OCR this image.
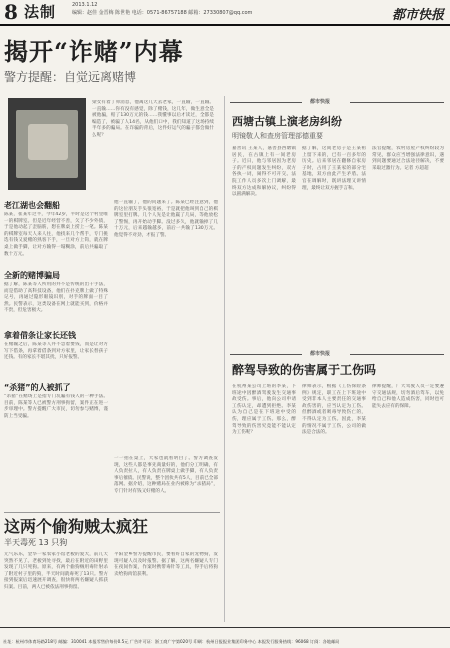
8 法制	2013.1.12
编辑：赵佳 金晋梅 陈世艳 电话：0571-86757188 邮箱：27330807@qq.com	都市快报
揭开“诈赌”内幕
警方提醒：自觉远离赌博
梁女有着丁卯消息，他离这几天去老家，一直输，一直输。一直输……你有没有感觉，除了赌钱，这几年，做生意全是被他骗，赔了130万元的钱……我懂事以后才读过，全都是编造了，被骗了人14名，从他们口中，我们知道了这场持续半年多的骗局。在诈骗的背后，这件好运气的骗子都会做什么呢？
老江湖也会翻船
陈某，崔某年过半，今年42岁，平时是这个村里唯一的棋牌室。但是近年经营不善，欠了不少外债，于是他动起了歪脑筋，想在牌桌上捞上一笔。陈某的棋牌室每天人来人往，他找来几个帮手，专门挑选有钱又爱赌的熟客下手，一旦对方上钩，就在牌桌上做手脚，让对方输得一塌糊涂，前后共骗取了数十万元。
全新的赌博骗局
据了解，陈某等人所用的并不是传统的出千手法，而是借助了高科技设备，他们在扑克牌上做了特殊记号，再通过隐形眼镜识别，对手的牌面一目了然。民警表示，这类设备在网上就能买到，价格并不贵，但危害极大。
拿着借条让家长还钱
在赌输之后，陈某等人并不急着要钱，而是让对方写下借条，再拿着借条到对方家里，让家长替孩子还钱。有的家长不堪其扰，只好报警。
“杀猪”的人被抓了
“杀猪”在赌场上是指专门坑骗有钱人的一种手法。目前，陈某等人已被警方刑事拘留，案件正在进一步审理中。警方提醒广大市民，切勿参与赌博，谨防上当受骗。
他一直输了，他的问题来了。陈某已经注意到，他的这位朋友手头很宽裕，于是就把他叫到自己的棋牌室里打牌。几个人先是让他赢了几局，等他放松了警惕，再开始动手脚。没过多久，他就输掉了几十万元，后来越输越多，前后一共输了130万元。他觉得不对劲，才报了警。
都市快报
西塘古镇上演老房纠纷
明镜敬人和查房管理部德重要
嘉善讯 王某人，嘉善县西塘镇居民，在古镇上有一间老房子。近日，他与邻居因为老房子的产权问题发生纠纷，双方各执一词，闹得不可开交。法院工作人员多次上门调解，最终双方达成和解协议，纠纷得以圆满解决。
据了解，这间老房子是王某祖上留下来的，已有一百多年的历史。后来邻居在翻修自家房子时，占用了王某家的部分宅基地，双方由此产生矛盾。法官在调解时，既讲法理又讲情理，最终让双方握手言和。
法官提醒，农村房屋产权纠纷较为常见，群众应当增强法律意识，遇到问题要通过合法途径解决，不要采取过激行为。记者 方超超
都市快报
醉驾导致的伤害属于工伤吗
在杭州某公司上班的李某，下班途中因醉酒驾驶发生交通事故受伤。事后，他向公司申请工伤认定，却遭到拒绝。李某认为自己是在下班途中受的伤，理应属于工伤。那么，醉驾导致的伤害究竟能不能认定为工伤呢？
律师表示，根据《工伤保险条例》规定，职工在上下班途中受到非本人主要责任的交通事故伤害的，应当认定为工伤。但醉酒或者吸毒导致伤亡的，不得认定为工伤。因此，李某的情况不属于工伤，公司的做法是合法的。
律师提醒，广大驾驶人员一定要遵守交通法规，切勿酒后驾车，以免给自己和他人造成伤害，同时也可能失去应有的保障。
这两个偷狗贼太疯狂
半天毒死 13 只狗
元气乐乐，金华一家农家小馆老板的爱犬，前几天突然不见了。老板到处寻找，最后在附近的田野里发现了几只死狗。原来，有两个偷狗贼用毒针射杀了附近村子里的狗，半天时间就毒死了13只。警方接到报案后迅速展开调查，很快将两名嫌疑人抓获归案。目前，两人已被依法刑事拘留。
平阳金乡警方提醒市民，要看好自家的宠物狗，发现可疑人员及时报警。据了解，这两名嫌疑人专门在夜间作案，作案时携带毒针等工具，得手后将狗卖给狗肉馆获利。
一一拍在桌上，大家也就看明白了。警方调查发现，这些人都是事先商量好的，他们分工明确，有人负责拉人，有人负责在牌桌上做手脚，有人负责事后催债。民警说，整个团伙共有5人，目前已全部落网。据介绍，这种赌局在业内被称为“杀猪局”，专门针对有钱又好赌的人。
社址：杭州市体育场路218号 邮编：310041 本报零售价每份0.5元 广告许可证：浙工商广字第020号 印刷：杭州日报报业集团印务中心 本报发行服务热线：96068 订阅：各地邮局
